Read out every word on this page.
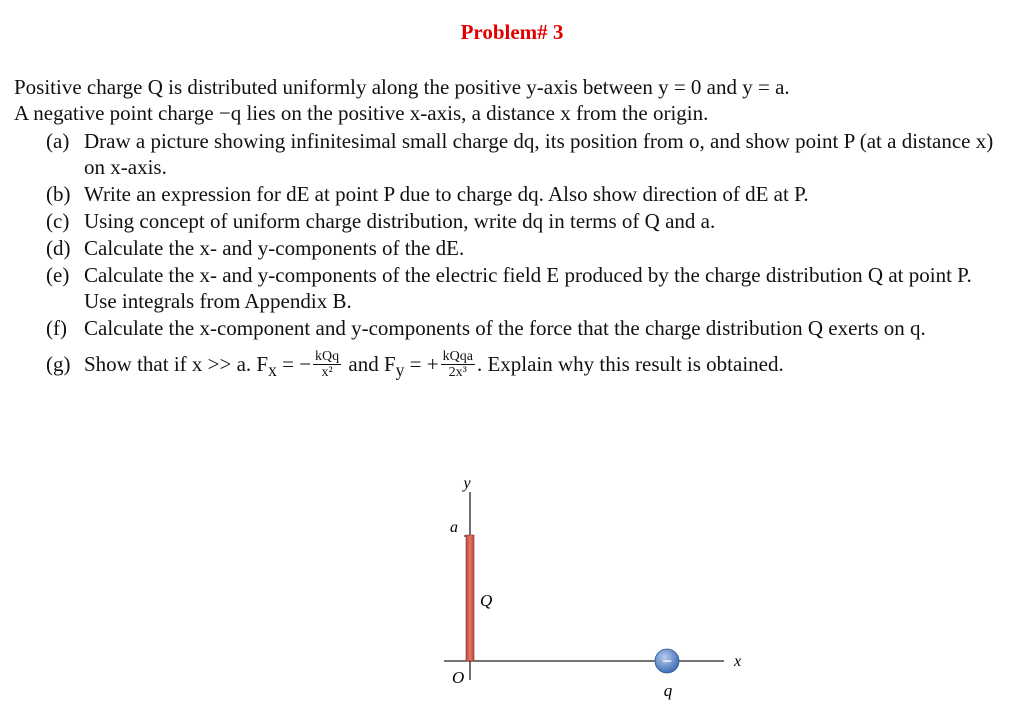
Problem# 3

Positive charge Q is distributed uniformly along the positive y-axis between y = 0 and y = a.

A negative point charge −q lies on the positive x-axis, a distance x from the origin.

(a) Draw a picture showing infinitesimal small charge dq, its position from o, and show point P (at a distance x) on x-axis.
(b) Write an expression for dE at point P due to charge dq. Also show direction of dE at P.
(c) Using concept of uniform charge distribution, write dq in terms of Q and a.
(d) Calculate the x- and y-components of the dE.
(e) Calculate the x- and y-components of the electric field E produced by the charge distribution Q at point P. Use integrals from Appendix B.
(f) Calculate the x-component and y-components of the force that the charge distribution Q exerts on q.
(g) Show that if x >> a. $F_x$ = − $\frac{\text{kQq}}{\text{x²}}$ and $F_y$ = + $\frac{\text{kQqa}}{\text{2x³}}$ . Explain why this result is obtained.
−
y
x
O
a
Q
q
